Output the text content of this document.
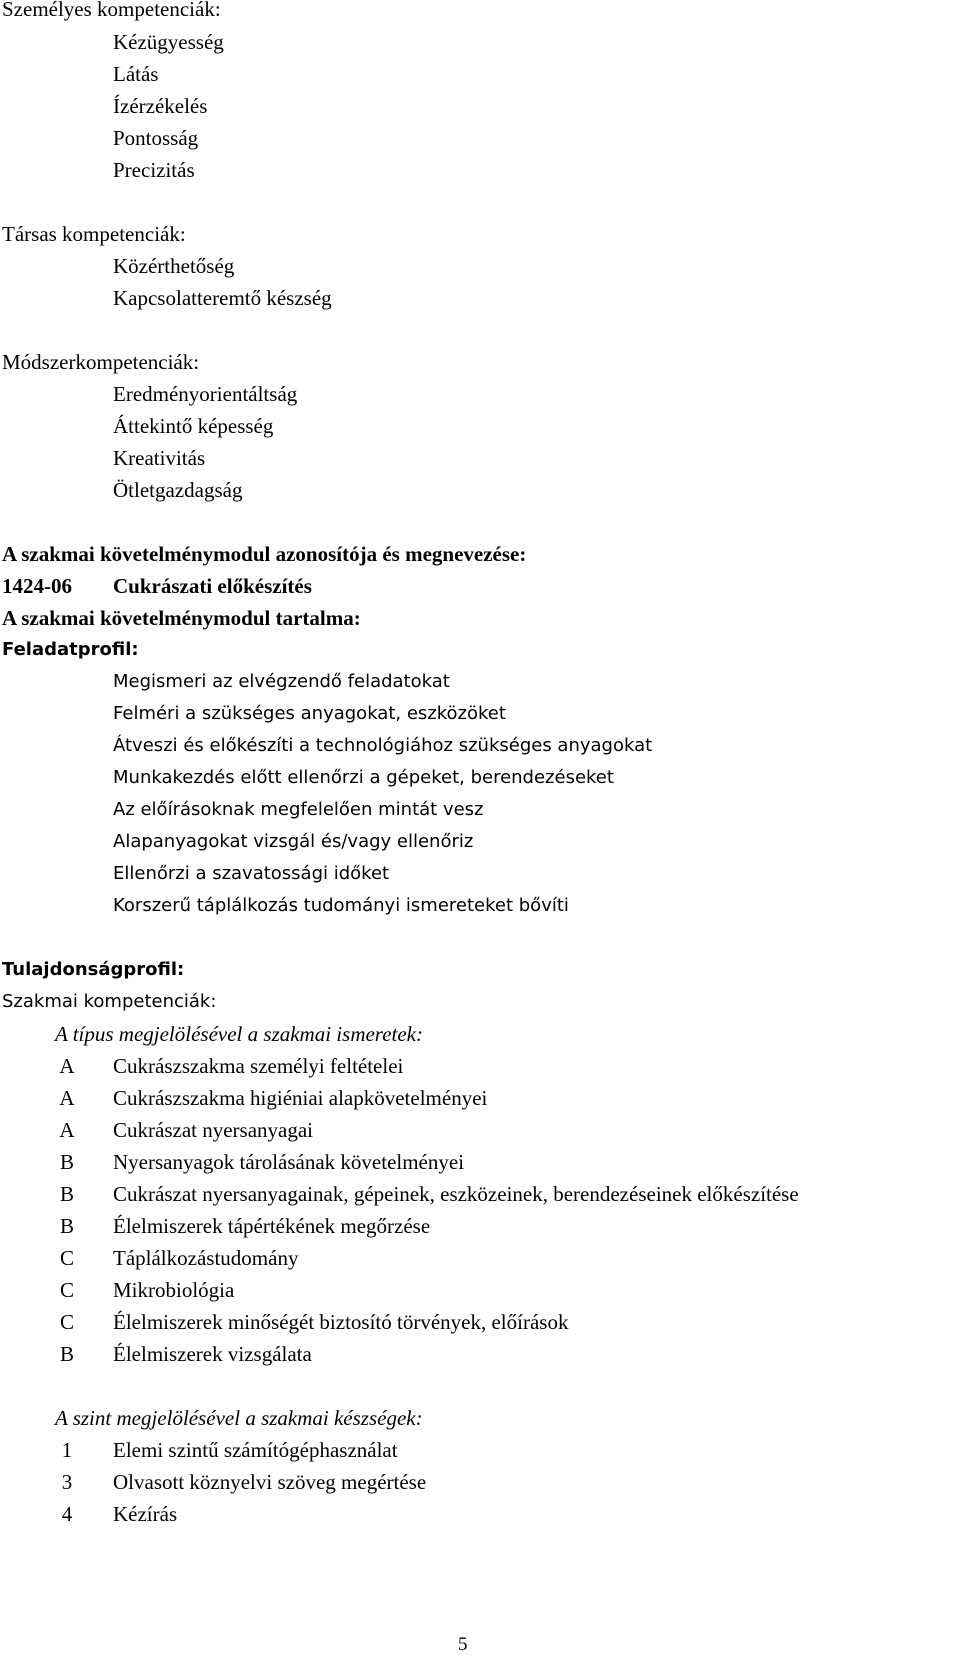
Személyes kompetenciák:
Kézügyesség
Látás
Ízérzékelés
Pontosság
Precizitás
Társas kompetenciák:
Közérthetőség
Kapcsolatteremtő készség
Módszerkompetenciák:
Eredményorientáltság
Áttekintő képesség
Kreativitás
Ötletgazdagság
A szakmai követelménymodul azonosítója és megnevezése:
1424-06 Cukrászati előkészítés
A szakmai követelménymodul tartalma:
Feladatprofil:
Megismeri az elvégzendő feladatokat
Felméri a szükséges anyagokat, eszközöket
Átveszi és előkészíti a technológiához szükséges anyagokat
Munkakezdés előtt ellenőrzi a gépeket, berendezéseket
Az előírásoknak megfelelően mintát vesz
Alapanyagokat vizsgál és/vagy ellenőriz
Ellenőrzi a szavatossági időket
Korszerű táplálkozás tudományi ismereteket bővíti
Tulajdonságprofil:
Szakmai kompetenciák:
A típus megjelölésével a szakmai ismeretek:
A	Cukrászszakma személyi feltételei
A	Cukrászszakma higiéniai alapkövetelményei
A	Cukrászat nyersanyagai
B	Nyersanyagok tárolásának követelményei
B	Cukrászat nyersanyagainak, gépeinek, eszközeinek, berendezéseinek előkészítése
B	Élelmiszerek tápértékének megőrzése
C	Táplálkozástudomány
C	Mikrobiológia
C	Élelmiszerek minőségét biztosító törvények, előírások
B	Élelmiszerek vizsgálata
A szint megjelölésével a szakmai készségek:
1	Elemi szintű számítógéphasználat
3	Olvasott köznyelvi szöveg megértése
4	Kézírás
5
